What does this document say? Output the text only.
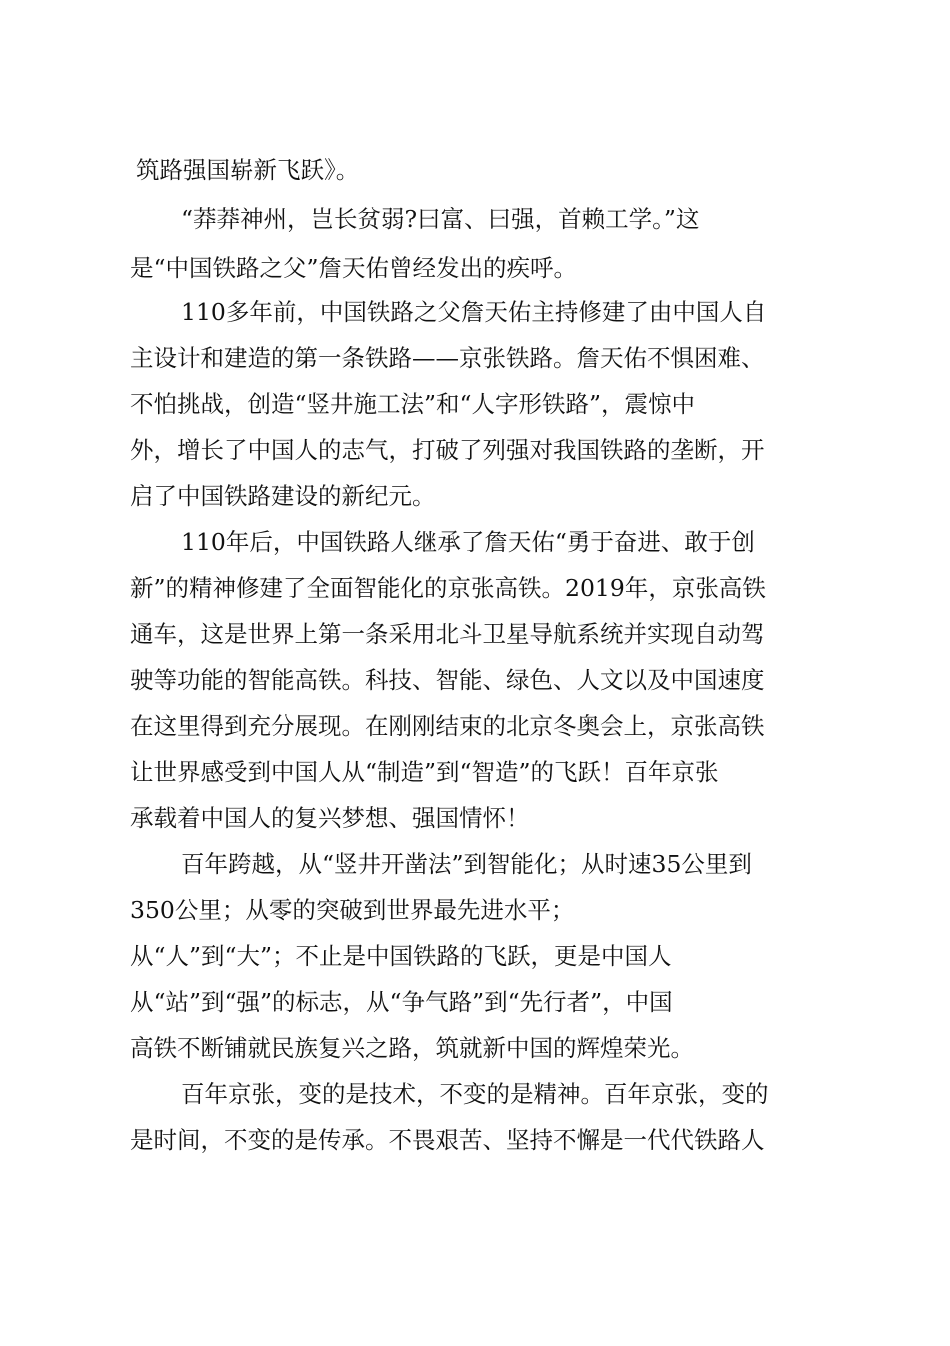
筑路强国崭新飞跃》。
“莽莽神州，岂长贫弱?曰富、曰强，首赖工学。”这
是“中国铁路之父”詹天佑曾经发出的疾呼。
110多年前，中国铁路之父詹天佑主持修建了由中国人自
主设计和建造的第一条铁路——京张铁路。詹天佑不惧困难、
不怕挑战，创造“竖井施工法”和“人字形铁路”，震惊中
外，增长了中国人的志气，打破了列强对我国铁路的垄断，开
启了中国铁路建设的新纪元。
110年后，中国铁路人继承了詹天佑“勇于奋进、敢于创
新”的精神修建了全面智能化的京张高铁。2019年，京张高铁
通车，这是世界上第一条采用北斗卫星导航系统并实现自动驾
驶等功能的智能高铁。科技、智能、绿色、人文以及中国速度
在这里得到充分展现。在刚刚结束的北京冬奥会上，京张高铁
让世界感受到中国人从“制造”到“智造”的飞跃！百年京张
承载着中国人的复兴梦想、强国情怀！
百年跨越，从“竖井开凿法”到智能化；从时速35公里到
350公里；从零的突破到世界最先进水平；
从“人”到“大”；不止是中国铁路的飞跃，更是中国人
从“站”到“强”的标志，从“争气路”到“先行者”，中国
高铁不断铺就民族复兴之路，筑就新中国的辉煌荣光。
百年京张，变的是技术，不变的是精神。百年京张，变的
是时间，不变的是传承。不畏艰苦、坚持不懈是一代代铁路人
